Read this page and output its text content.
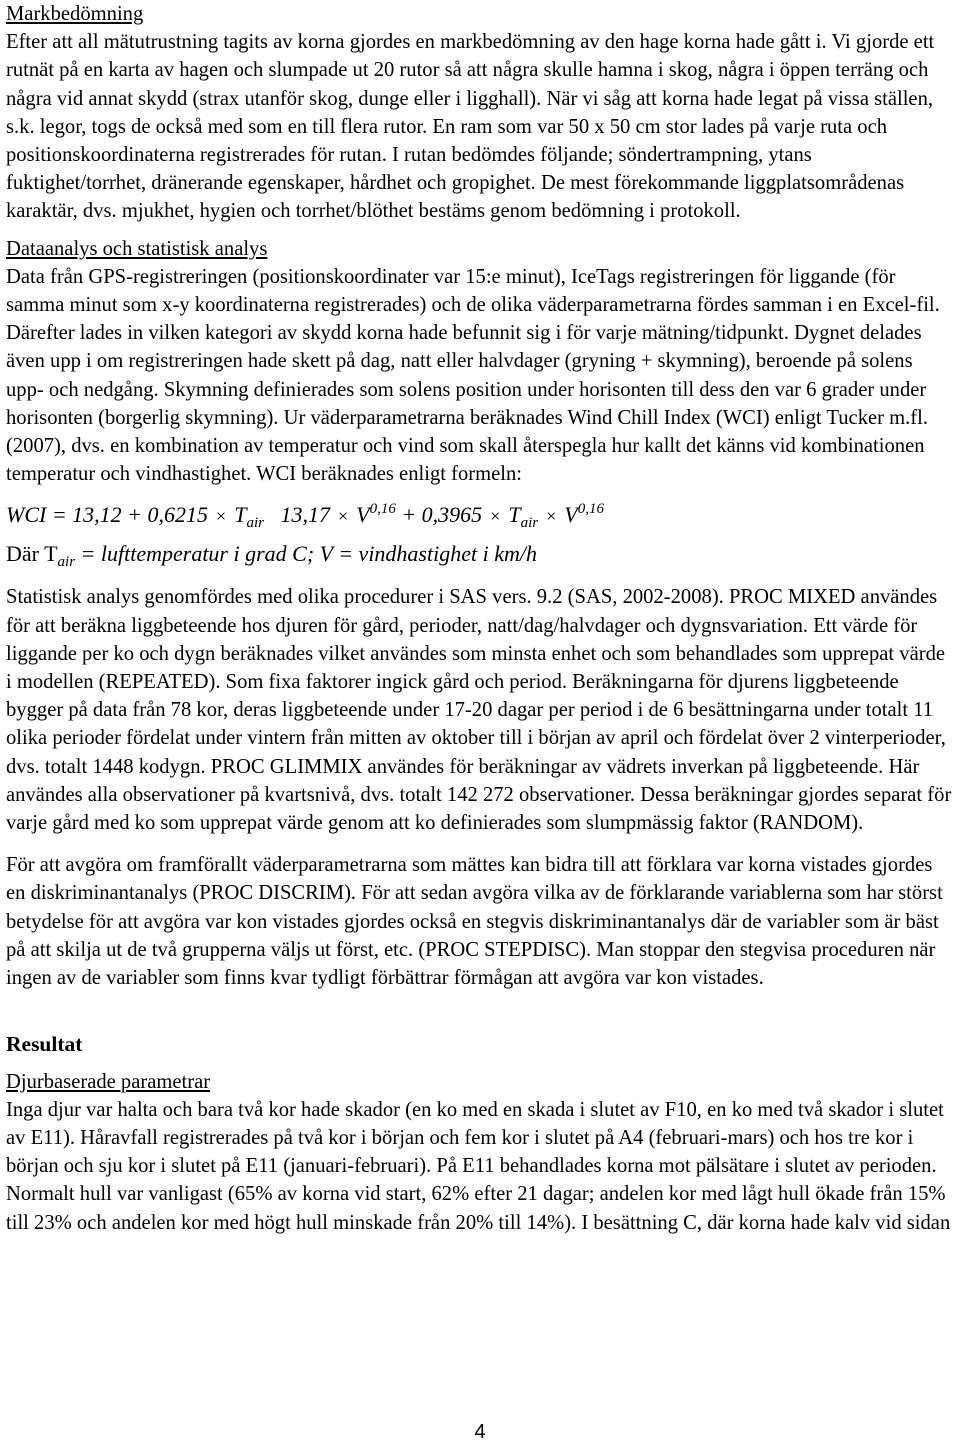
Markbedömning

Efter att all mätutrustning tagits av korna gjordes en markbedömning av den hage korna hade gått i. Vi gjorde ett rutnät på en karta av hagen och slumpade ut 20 rutor så att några skulle hamna i skog, några i öppen terräng och några vid annat skydd (strax utanför skog, dunge eller i ligghall). När vi såg att korna hade legat på vissa ställen, s.k. legor, togs de också med som en till flera rutor. En ram som var 50 x 50 cm stor lades på varje ruta och positionskoordinaterna registrerades för rutan. I rutan bedömdes följande; söndertrampning, ytans fuktighet/torrhet, dränerande egenskaper, hårdhet och gropighet. De mest förekommande liggplatsområdenas karaktär, dvs. mjukhet, hygien och torrhet/blöthet bestäms genom bedömning i protokoll.

Dataanalys och statistisk analys

Data från GPS-registreringen (positionskoordinater var 15:e minut), IceTags registreringen för liggande (för samma minut som x-y koordinaterna registrerades) och de olika väderparametrarna fördes samman i en Excel-fil. Därefter lades in vilken kategori av skydd korna hade befunnit sig i för varje mätning/tidpunkt. Dygnet delades även upp i om registreringen hade skett på dag, natt eller halvdager (gryning + skymning), beroende på solens upp- och nedgång. Skymning definierades som solens position under horisonten till dess den var 6 grader under horisonten (borgerlig skymning). Ur väderparametrarna beräknades Wind Chill Index (WCI) enligt Tucker m.fl. (2007), dvs. en kombination av temperatur och vind som skall återspegla hur kallt det känns vid kombinationen temperatur och vindhastighet. WCI beräknades enligt formeln:

WCI = $13,12 + 0,6215 \times T_{air}$ $13,17 \times V^{0,16} + 0,3965 \times T_{air} \times V^{0,16}$
Där $T_{air}$ = lufttemperatur i grad C; V = vindhastighet i km/h

Statistisk analys genomfördes med olika procedurer i SAS vers. 9.2 (SAS, 2002-2008). PROC MIXED användes för att beräkna liggbeteende hos djuren för gård, perioder, natt/dag/halvdager och dygnsvariation. Ett värde för liggande per ko och dygn beräknades vilket användes som minsta enhet och som behandlades som upprepat värde i modellen (REPEATED). Som fixa faktorer ingick gård och period. Beräkningarna för djurens liggbeteende bygger på data från 78 kor, deras liggbeteende under 17-20 dagar per period i de 6 besättningarna under totalt 11 olika perioder fördelat under vintern från mitten av oktober till i början av april och fördelat över 2 vinterperioder, dvs. totalt 1448 kodygn. PROC GLIMMIX användes för beräkningar av vädrets inverkan på liggbeteende. Här användes alla observationer på kvartsnivå, dvs. totalt 142 272 observationer. Dessa beräkningar gjordes separat för varje gård med ko som upprepat värde genom att ko definierades som slumpmässig faktor (RANDOM).

För att avgöra om framförallt väderparametrarna som mättes kan bidra till att förklara var korna vistades gjordes en diskriminantanalys (PROC DISCRIM). För att sedan avgöra vilka av de förklarande variablerna som har störst betydelse för att avgöra var kon vistades gjordes också en stegvis diskriminantanalys där de variabler som är bäst på att skilja ut de två grupperna väljs ut först, etc. (PROC STEPDISC). Man stoppar den stegvisa proceduren när ingen av de variabler som finns kvar tydligt förbättrar förmågan att avgöra var kon vistades.

Resultat

Djurbaserade parametrar

Inga djur var halta och bara två kor hade skador (en ko med en skada i slutet av F10, en ko med två skador i slutet av E11). Håravfall registrerades på två kor i början och fem kor i slutet på A4 (februari-mars) och hos tre kor i början och sju kor i slutet på E11 (januari-februari). På E11 behandlades korna mot pälsätare i slutet av perioden. Normalt hull var vanligast (65% av korna vid start, 62% efter 21 dagar; andelen kor med lågt hull ökade från 15% till 23% och andelen kor med högt hull minskade från 20% till 14%). I besättning C, där korna hade kalv vid sidan

4
